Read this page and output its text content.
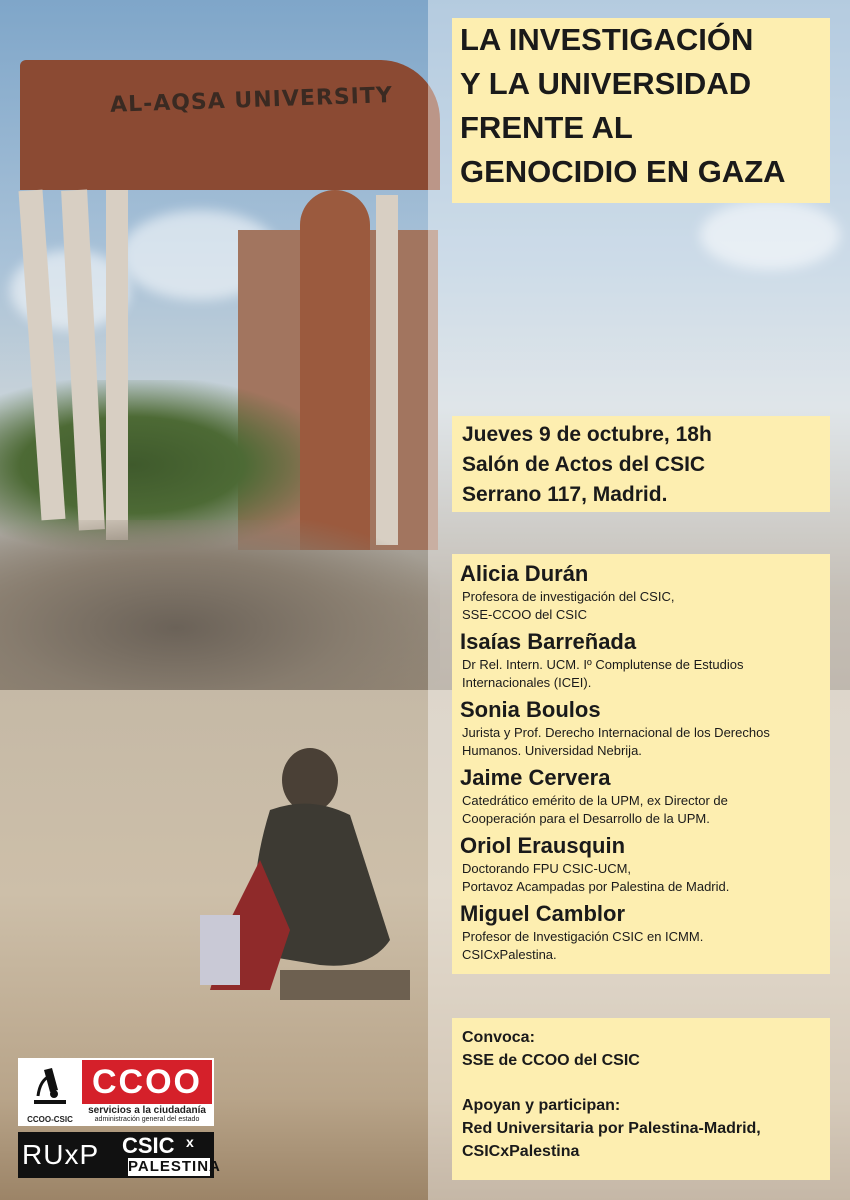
AL-AQSA UNIVERSITY
LA INVESTIGACIÓN
Y LA UNIVERSIDAD
FRENTE AL
GENOCIDIO EN GAZA
Jueves 9 de octubre, 18h
Salón de Actos del CSIC
Serrano 117, Madrid.
Alicia Durán
Profesora de investigación del CSIC,
SSE-CCOO del CSIC
Isaías Barreñada
Dr Rel. Intern. UCM. Iº Complutense de Estudios
Internacionales (ICEI).
Sonia Boulos
Jurista y Prof. Derecho Internacional de los Derechos
Humanos. Universidad Nebrija.
Jaime Cervera
Catedrático emérito de la UPM, ex Director de
Cooperación para el Desarrollo de la UPM.
Oriol Erausquin
Doctorando FPU CSIC-UCM,
Portavoz Acampadas por Palestina de Madrid.
Miguel Camblor
Profesor de Investigación CSIC en ICMM.
CSICxPalestina.
Convoca:
SSE de CCOO del CSIC
Apoyan y participan:
Red Universitaria por Palestina-Madrid,
CSICxPalestina
CCOO-CSIC
CCOO
servicios a la ciudadanía
administración general del estado
RUxP CSIC x
PALESTINA
